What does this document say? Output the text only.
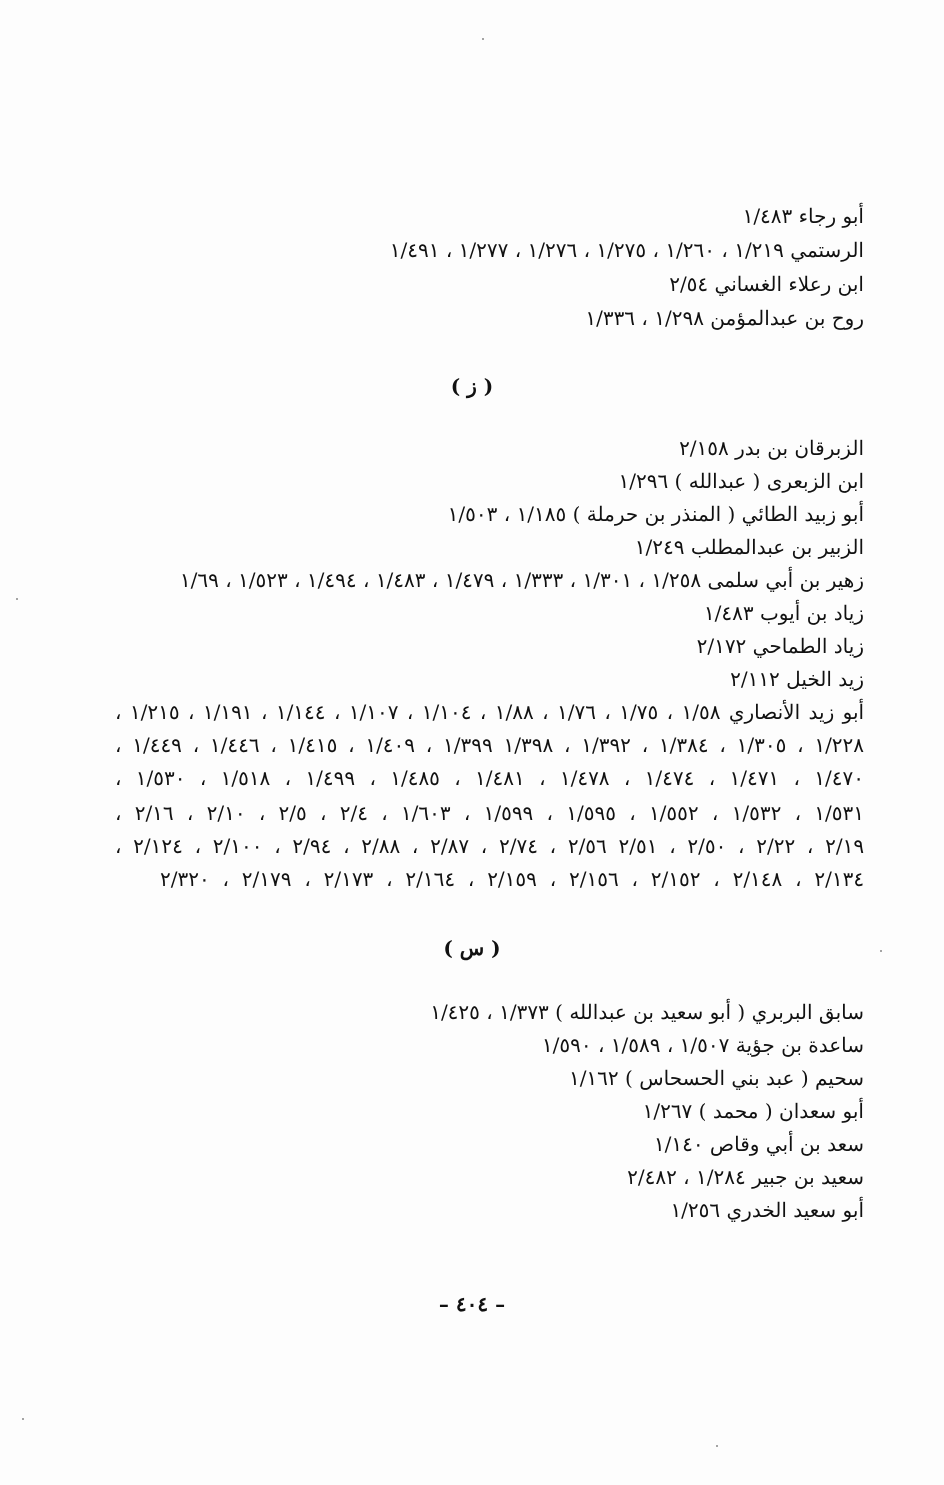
أبو رجاء ١/٤٨٣
الرستمي ١/٢١٩ ، ١/٢٦٠ ، ١/٢٧٥ ، ١/٢٧٦ ، ١/٢٧٧ ، ١/٤٩١
ابن رعلاء الغساني ٢/٥٤
روح بن عبدالمؤمن ١/٢٩٨ ، ١/٣٣٦
( ز )
الزبرقان بن بدر ٢/١٥٨
ابن الزبعرى ( عبدالله ) ١/٢٩٦
أبو زبيد الطائي ( المنذر بن حرملة ) ١/١٨٥ ، ١/٥٠٣
الزبير بن عبدالمطلب ١/٢٤٩
زهير بن أبي سلمى ١/٢٥٨ ، ١/٣٠١ ، ١/٣٣٣ ، ١/٤٧٩ ، ١/٤٨٣ ، ١/٤٩٤ ، ١/٥٢٣ ، ١/٦٩
زياد بن أيوب ١/٤٨٣
زياد الطماحي ٢/١٧٢
زيد الخيل ٢/١١٢
أبو زيد الأنصاري ١/٥٨ ، ١/٧٥ ، ١/٧٦ ، ١/٨٨ ، ١/١٠٤ ، ١/١٠٧ ، ١/١٤٤ ، ١/١٩١ ، ١/٢١٥ ،
١/٢٢٨ ، ١/٣٠٥ ، ١/٣٨٤ ، ١/٣٩٢ ، ١/٣٩٨ ١/٣٩٩ ، ١/٤٠٩ ، ١/٤١٥ ، ١/٤٤٦ ، ١/٤٤٩ ،
١/٤٧٠ ، ١/٤٧١ ، ١/٤٧٤ ، ١/٤٧٨ ، ١/٤٨١ ، ١/٤٨٥ ، ١/٤٩٩ ، ١/٥١٨ ، ١/٥٣٠ ،
١/٥٣١ ، ١/٥٣٢ ، ١/٥٥٢ ، ١/٥٩٥ ، ١/٥٩٩ ، ١/٦٠٣ ، ٢/٤ ، ٢/٥ ، ٢/١٠ ، ٢/١٦ ،
٢/١٩ ، ٢/٢٢ ، ٢/٥٠ ، ٢/٥١ ٢/٥٦ ، ٢/٧٤ ، ٢/٨٧ ، ٢/٨٨ ، ٢/٩٤ ، ٢/١٠٠ ، ٢/١٢٤ ،
٢/١٣٤ ، ٢/١٤٨ ، ٢/١٥٢ ، ٢/١٥٦ ، ٢/١٥٩ ، ٢/١٦٤ ، ٢/١٧٣ ، ٢/١٧٩ ، ٢/٣٢٠
( س )
سابق البربري ( أبو سعيد بن عبدالله ) ١/٣٧٣ ، ١/٤٢٥
ساعدة بن جؤية ١/٥٠٧ ، ١/٥٨٩ ، ١/٥٩٠
سحيم ( عبد بني الحسحاس ) ١/١٦٢
أبو سعدان ( محمد ) ١/٢٦٧
سعد بن أبي وقاص ١/١٤٠
سعيد بن جبير ١/٢٨٤ ، ٢/٤٨٢
أبو سعيد الخدري ١/٢٥٦
– ٤٠٤ –
